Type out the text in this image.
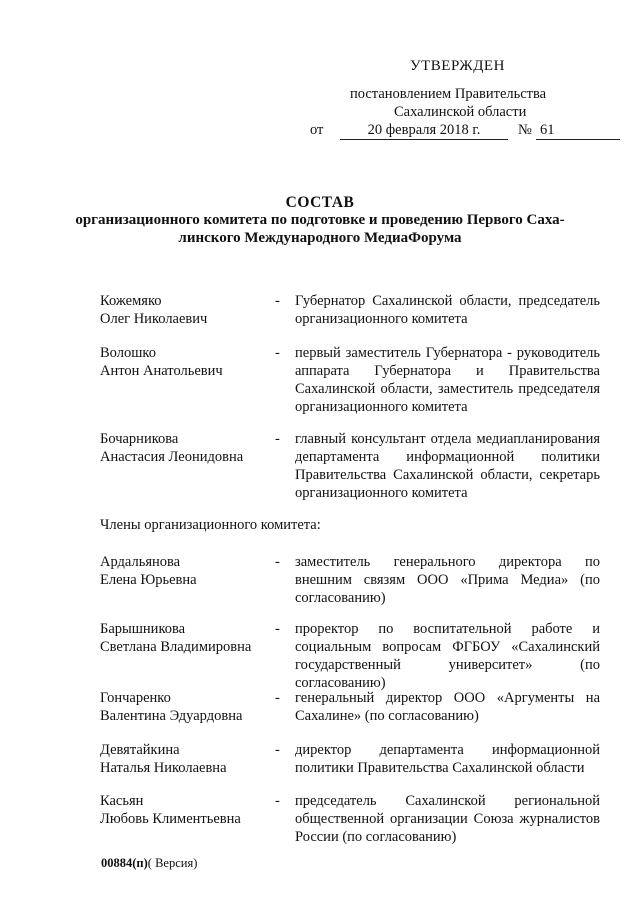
УТВЕРЖДЕН
постановлением Правительства
Сахалинской области
от	20 февраля 2018 г.	№ 61
СОСТАВ
организационного комитета по подготовке и проведению Первого Саха-
линского Международного МедиаФорума
Кожемяко
Олег Николаевич
- Губернатор Сахалинской области, председатель организационного комитета
Волошко
Антон Анатольевич
- первый заместитель Губернатора - руководитель аппарата Губернатора и Правительства Сахалинской области, заместитель председателя организационного комитета
Бочарникова
Анастасия Леонидовна
- главный консультант отдела медиапланирования департамента информационной политики Правительства Сахалинской области, секретарь организационного комитета
Члены организационного комитета:
Ардальянова
Елена Юрьевна
- заместитель генерального директора по внешним связям ООО «Прима Медиа» (по согласованию)
Барышникова
Светлана Владимировна
- проректор по воспитательной работе и социальным вопросам ФГБОУ «Сахалинский государственный университет» (по согласованию)
Гончаренко
Валентина Эдуардовна
- генеральный директор ООО «Аргументы на Сахалине» (по согласованию)
Девятайкина
Наталья Николаевна
- директор департамента информационной политики Правительства Сахалинской области
Касьян
Любовь Климентьевна
- председатель Сахалинской региональной общественной организации Союза журналистов России (по согласованию)
00884(п)( Версия)
